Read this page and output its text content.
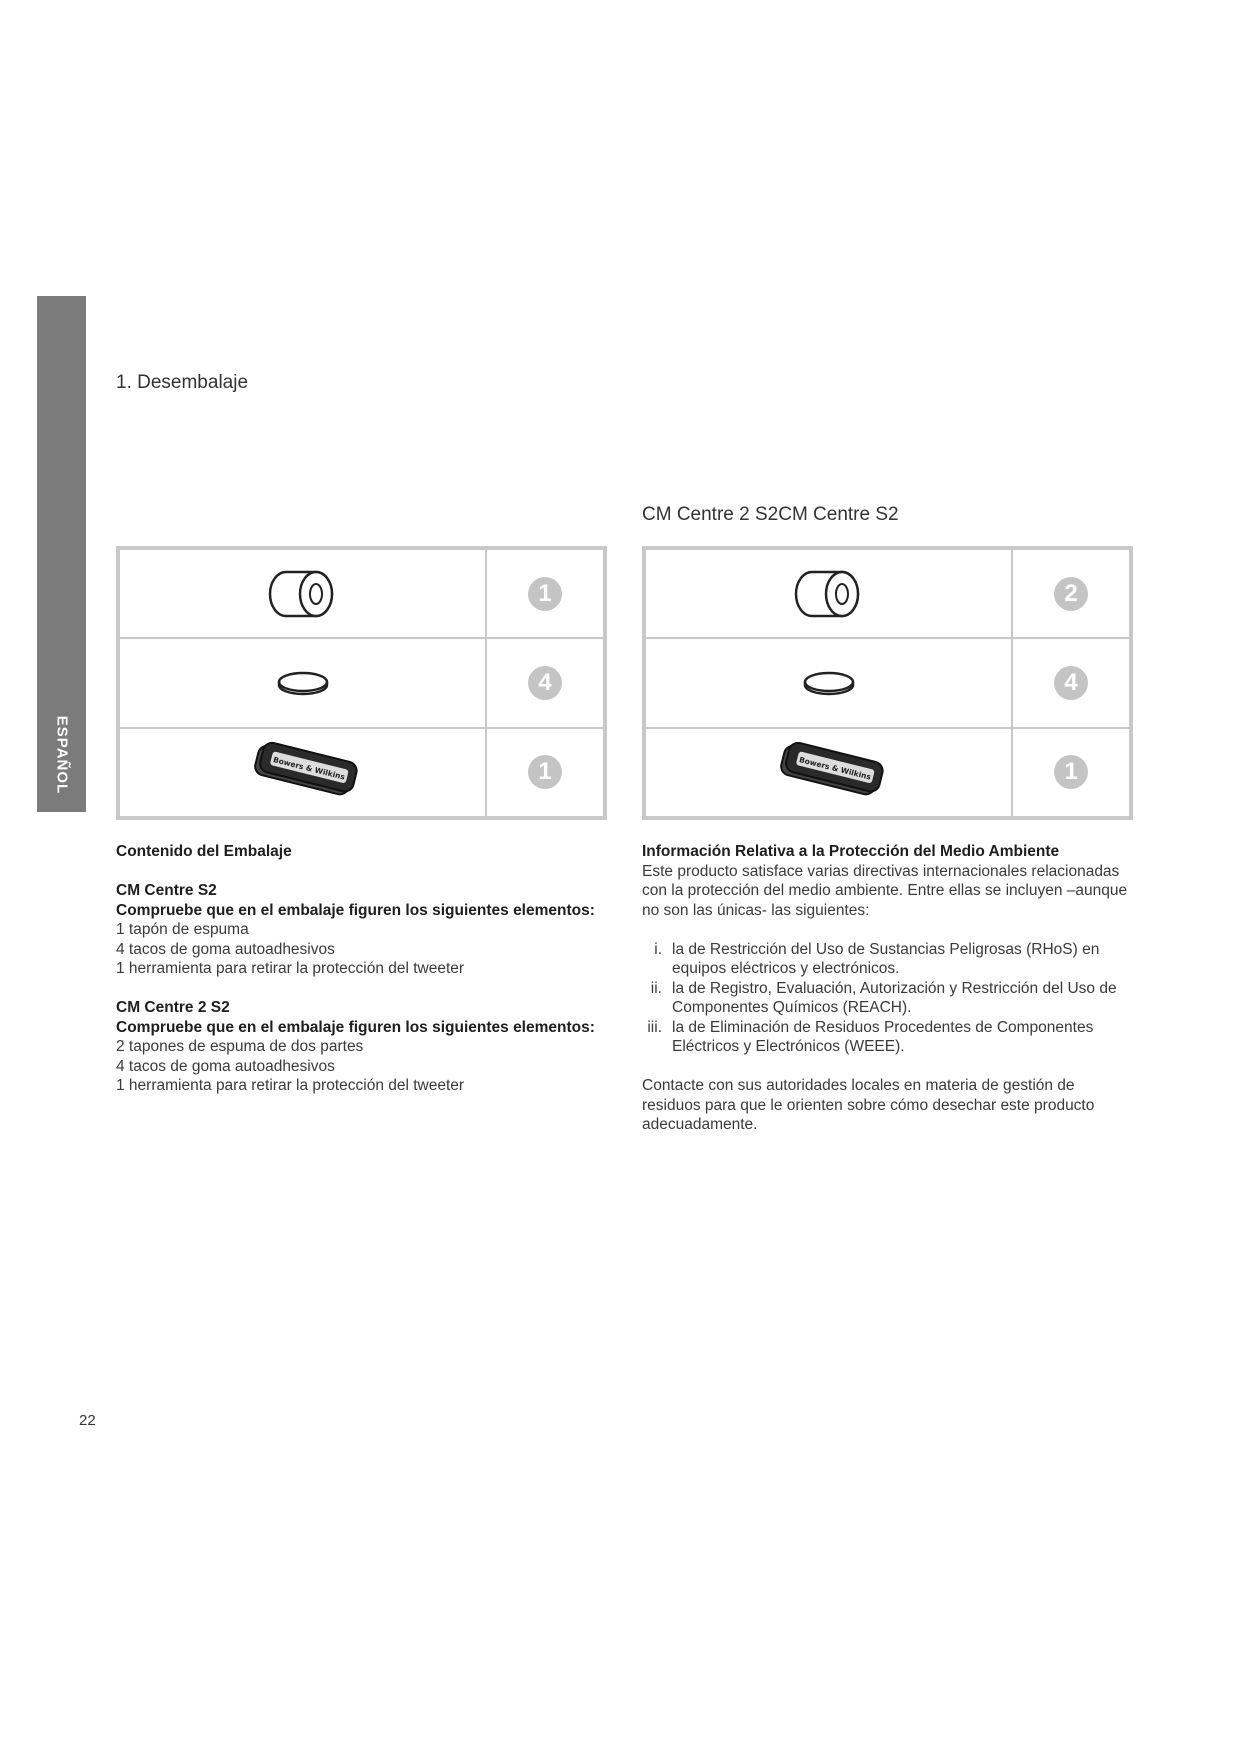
ESPAÑOL
1. Desembalaje
CM Centre 2 S2CM Centre S2
1
4
Bowers & Wilkins	1
2
4
Bowers & Wilkins	1
Contenido del Embalaje
CM Centre S2
Compruebe que en el embalaje figuren los siguientes elementos:
1 tapón de espuma
4 tacos de goma autoadhesivos
1 herramienta para retirar la protección del tweeter
CM Centre 2 S2
Compruebe que en el embalaje figuren los siguientes elementos:
2 tapones de espuma de dos partes
4 tacos de goma autoadhesivos
1 herramienta para retirar la protección del tweeter
Información Relativa a la Protección del Medio Ambiente
Este producto satisface varias directivas internacionales relacionadas con la protección del medio ambiente. Entre ellas se incluyen –aunque no son las únicas- las siguientes:
i. la de Restricción del Uso de Sustancias Peligrosas (RHoS) en equipos eléctricos y electrónicos.
ii. la de Registro, Evaluación, Autorización y Restricción del Uso de Componentes Químicos (REACH).
iii. la de Eliminación de Residuos Procedentes de Componentes Eléctricos y Electrónicos (WEEE).
Contacte con sus autoridades locales en materia de gestión de residuos para que le orienten sobre cómo desechar este producto adecuadamente.
22
